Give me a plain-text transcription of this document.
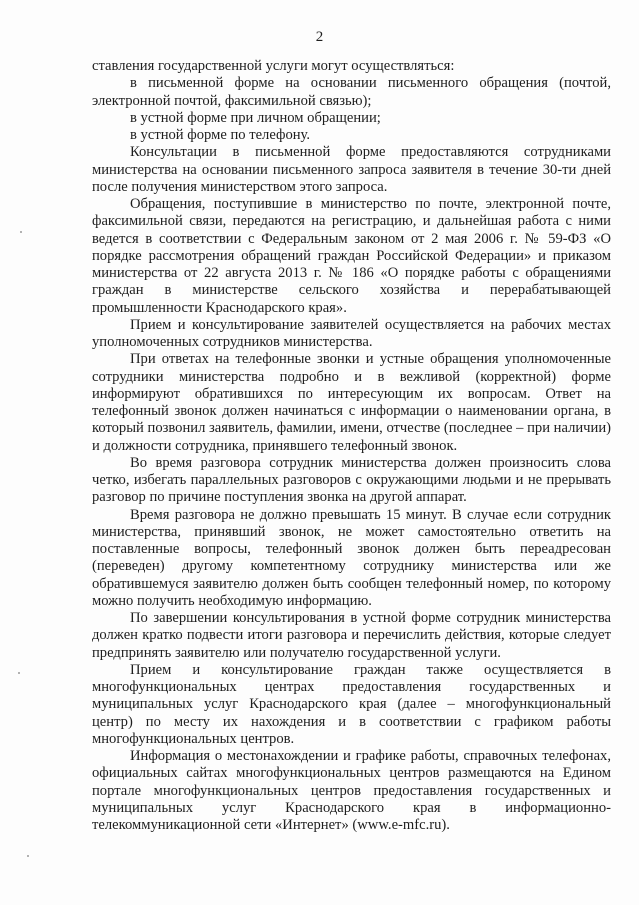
2

ставления государственной услуги могут осуществляться:

в письменной форме на основании письменного обращения (почтой, электронной почтой, факсимильной связью);

в устной форме при личном обращении;

в устной форме по телефону.

Консультации в письменной форме предоставляются сотрудниками министерства на основании письменного запроса заявителя в течение 30-ти дней после получения министерством этого запроса.

Обращения, поступившие в министерство по почте, электронной почте, факсимильной связи, передаются на регистрацию, и дальнейшая работа с ними ведется в соответствии с Федеральным законом от 2 мая 2006 г. № 59-ФЗ «О порядке рассмотрения обращений граждан Российской Федерации» и приказом министерства от 22 августа 2013 г. № 186 «О порядке работы с обращениями граждан в министерстве сельского хозяйства и перерабатывающей промышленности Краснодарского края».

Прием и консультирование заявителей осуществляется на рабочих местах уполномоченных сотрудников министерства.

При ответах на телефонные звонки и устные обращения уполномоченные сотрудники министерства подробно и в вежливой (корректной) форме информируют обратившихся по интересующим их вопросам. Ответ на телефонный звонок должен начинаться с информации о наименовании органа, в который позвонил заявитель, фамилии, имени, отчестве (последнее – при наличии) и должности сотрудника, принявшего телефонный звонок.

Во время разговора сотрудник министерства должен произносить слова четко, избегать параллельных разговоров с окружающими людьми и не прерывать разговор по причине поступления звонка на другой аппарат.

Время разговора не должно превышать 15 минут. В случае если сотрудник министерства, принявший звонок, не может самостоятельно ответить на поставленные вопросы, телефонный звонок должен быть переадресован (переведен) другому компетентному сотруднику министерства или же обратившемуся заявителю должен быть сообщен телефонный номер, по которому можно получить необходимую информацию.

По завершении консультирования в устной форме сотрудник министерства должен кратко подвести итоги разговора и перечислить действия, которые следует предпринять заявителю или получателю государственной услуги.

Прием и консультирование граждан также осуществляется в многофункциональных центрах предоставления государственных и муниципальных услуг Краснодарского края (далее – многофункциональный центр) по месту их нахождения и в соответствии с графиком работы многофункциональных центров.

Информация о местонахождении и графике работы, справочных телефонах, официальных сайтах многофункциональных центров размещаются на Едином портале многофункциональных центров предоставления государственных и муниципальных услуг Краснодарского края в информационно-телекоммуникационной сети «Интернет» (www.e-mfc.ru).
